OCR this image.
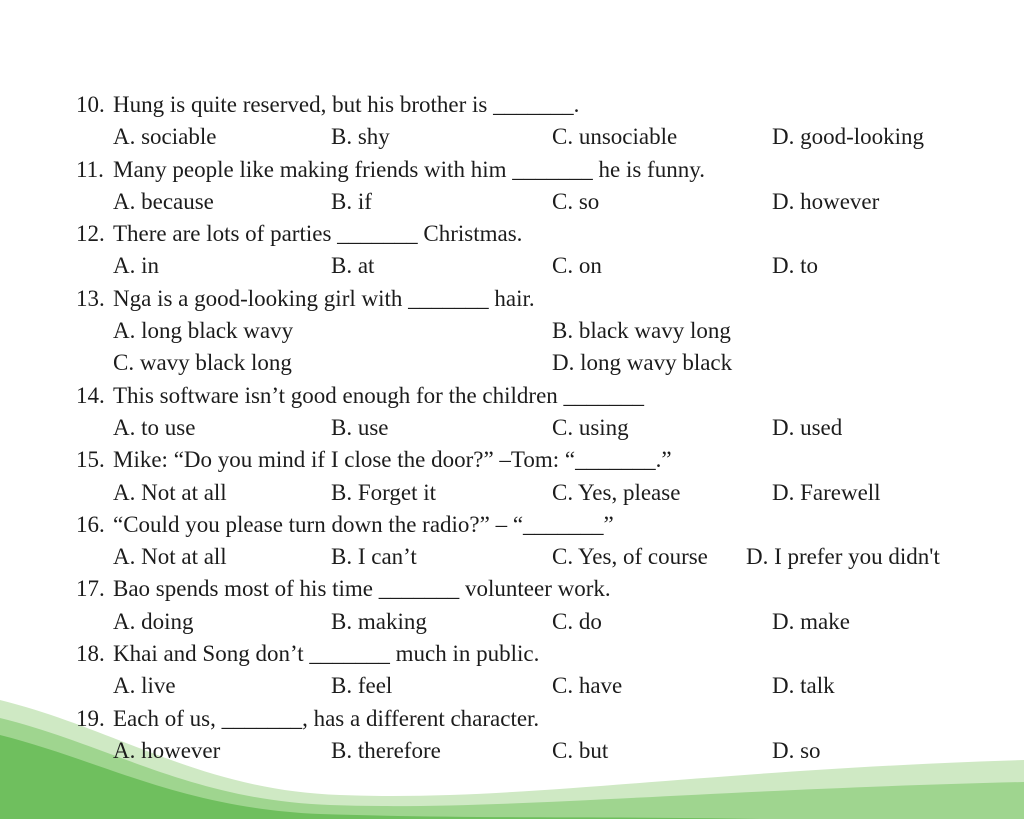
10. Hung is quite reserved, but his brother is _______.
A. sociable	B. shy	C. unsociable	D. good-looking
11. Many people like making friends with him _______ he is funny.
A. because	B. if	C. so	D. however
12. There are lots of parties _______ Christmas.
A. in	B. at	C. on	D. to
13. Nga is a good-looking girl with _______ hair.
A. long black wavy	B. black wavy long
C. wavy black long	D. long wavy black
14. This software isn’t good enough for the children _______
A. to use	B. use	C. using	D. used
15. Mike: “Do you mind if I close the door?” –Tom: “_______.”
A. Not at all	B. Forget it	C. Yes, please	D. Farewell
16. “Could you please turn down the radio?” – “_______”
A. Not at all	B. I can’t	C. Yes, of course D. I prefer you didn't
17. Bao spends most of his time _______ volunteer work.
A. doing	B. making	C. do	D. make
18. Khai and Song don’t _______ much in public.
A. live	B. feel	C. have	D. talk
19. Each of us, _______, has a different character.
A. however	B. therefore	C. but	D. so
